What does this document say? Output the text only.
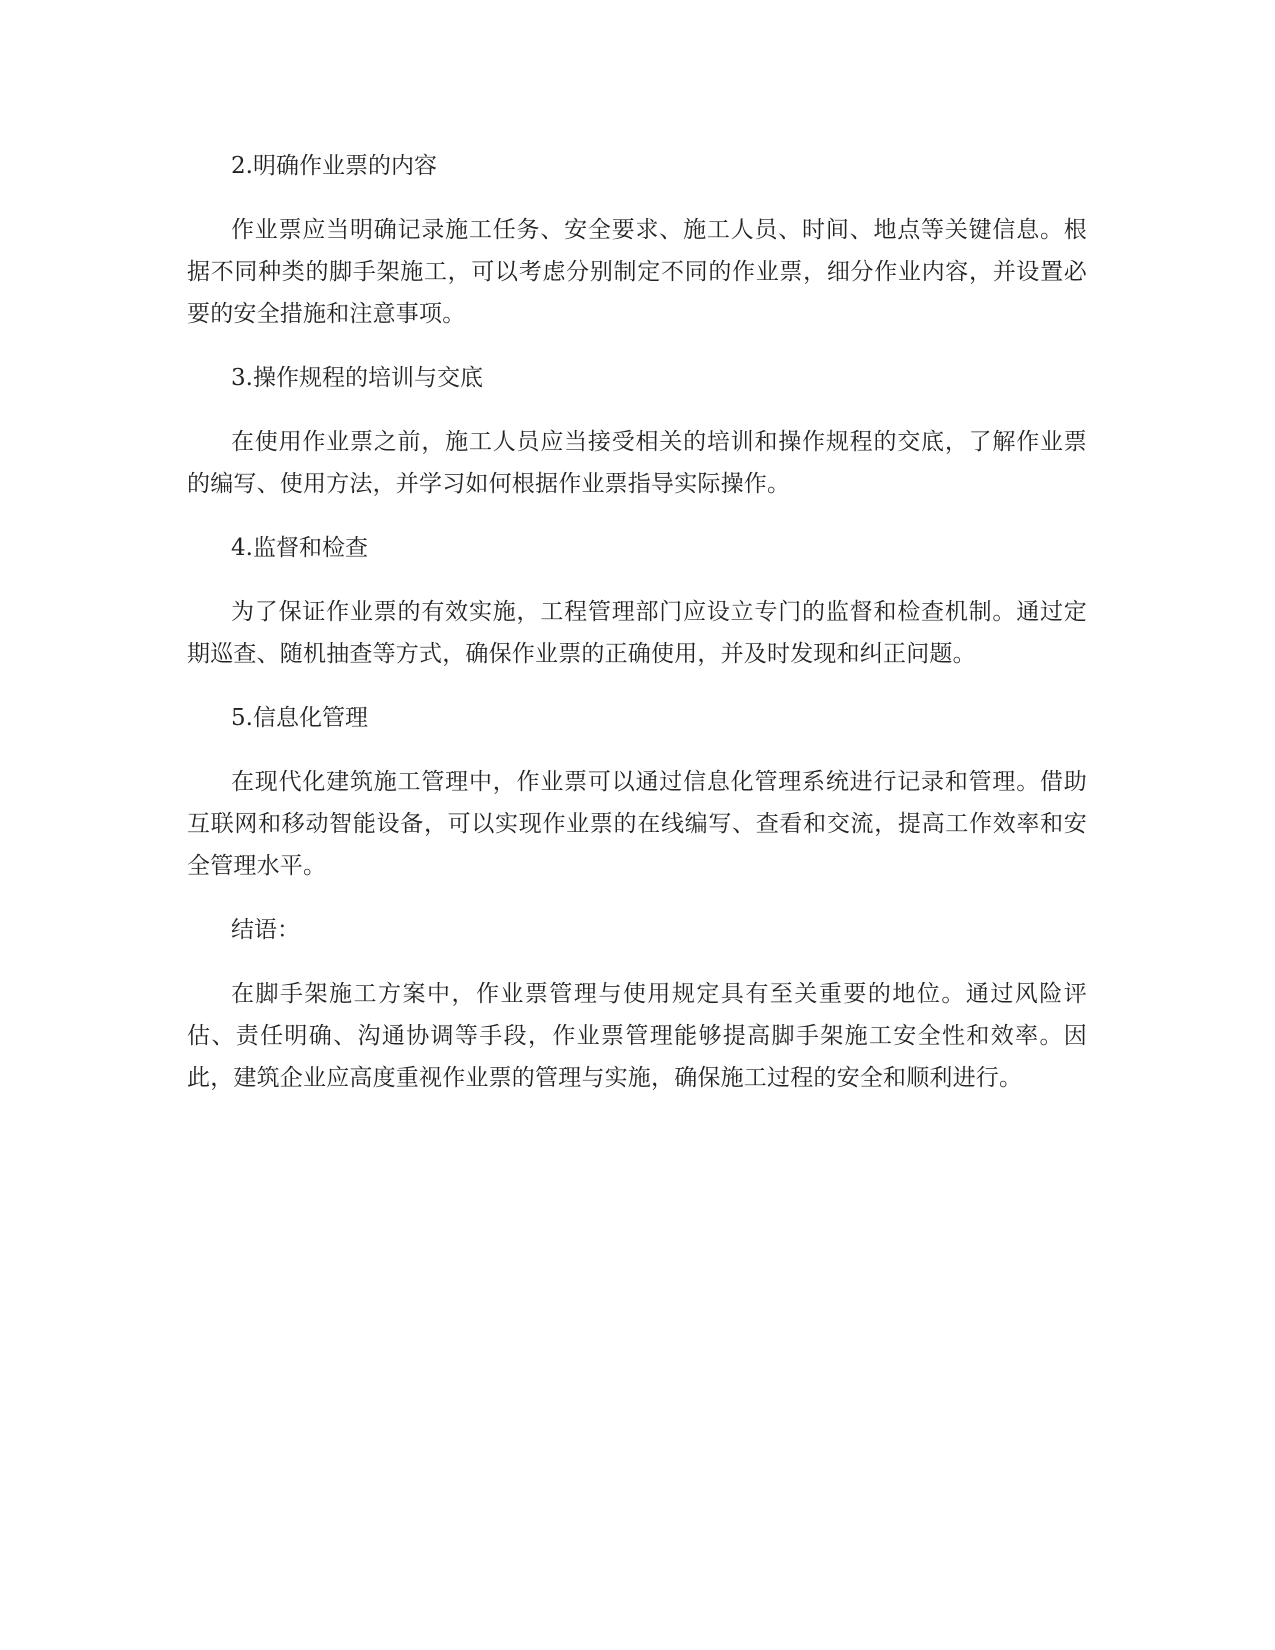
2.明确作业票的内容

作业票应当明确记录施工任务、安全要求、施工人员、时间、地点等关键信息。根据不同种类的脚手架施工，可以考虑分别制定不同的作业票，细分作业内容，并设置必要的安全措施和注意事项。

3.操作规程的培训与交底

在使用作业票之前，施工人员应当接受相关的培训和操作规程的交底，了解作业票的编写、使用方法，并学习如何根据作业票指导实际操作。

4.监督和检查

为了保证作业票的有效实施，工程管理部门应设立专门的监督和检查机制。通过定期巡查、随机抽查等方式，确保作业票的正确使用，并及时发现和纠正问题。

5.信息化管理

在现代化建筑施工管理中，作业票可以通过信息化管理系统进行记录和管理。借助互联网和移动智能设备，可以实现作业票的在线编写、查看和交流，提高工作效率和安全管理水平。

结语：

在脚手架施工方案中，作业票管理与使用规定具有至关重要的地位。通过风险评估、责任明确、沟通协调等手段，作业票管理能够提高脚手架施工安全性和效率。因此，建筑企业应高度重视作业票的管理与实施，确保施工过程的安全和顺利进行。
